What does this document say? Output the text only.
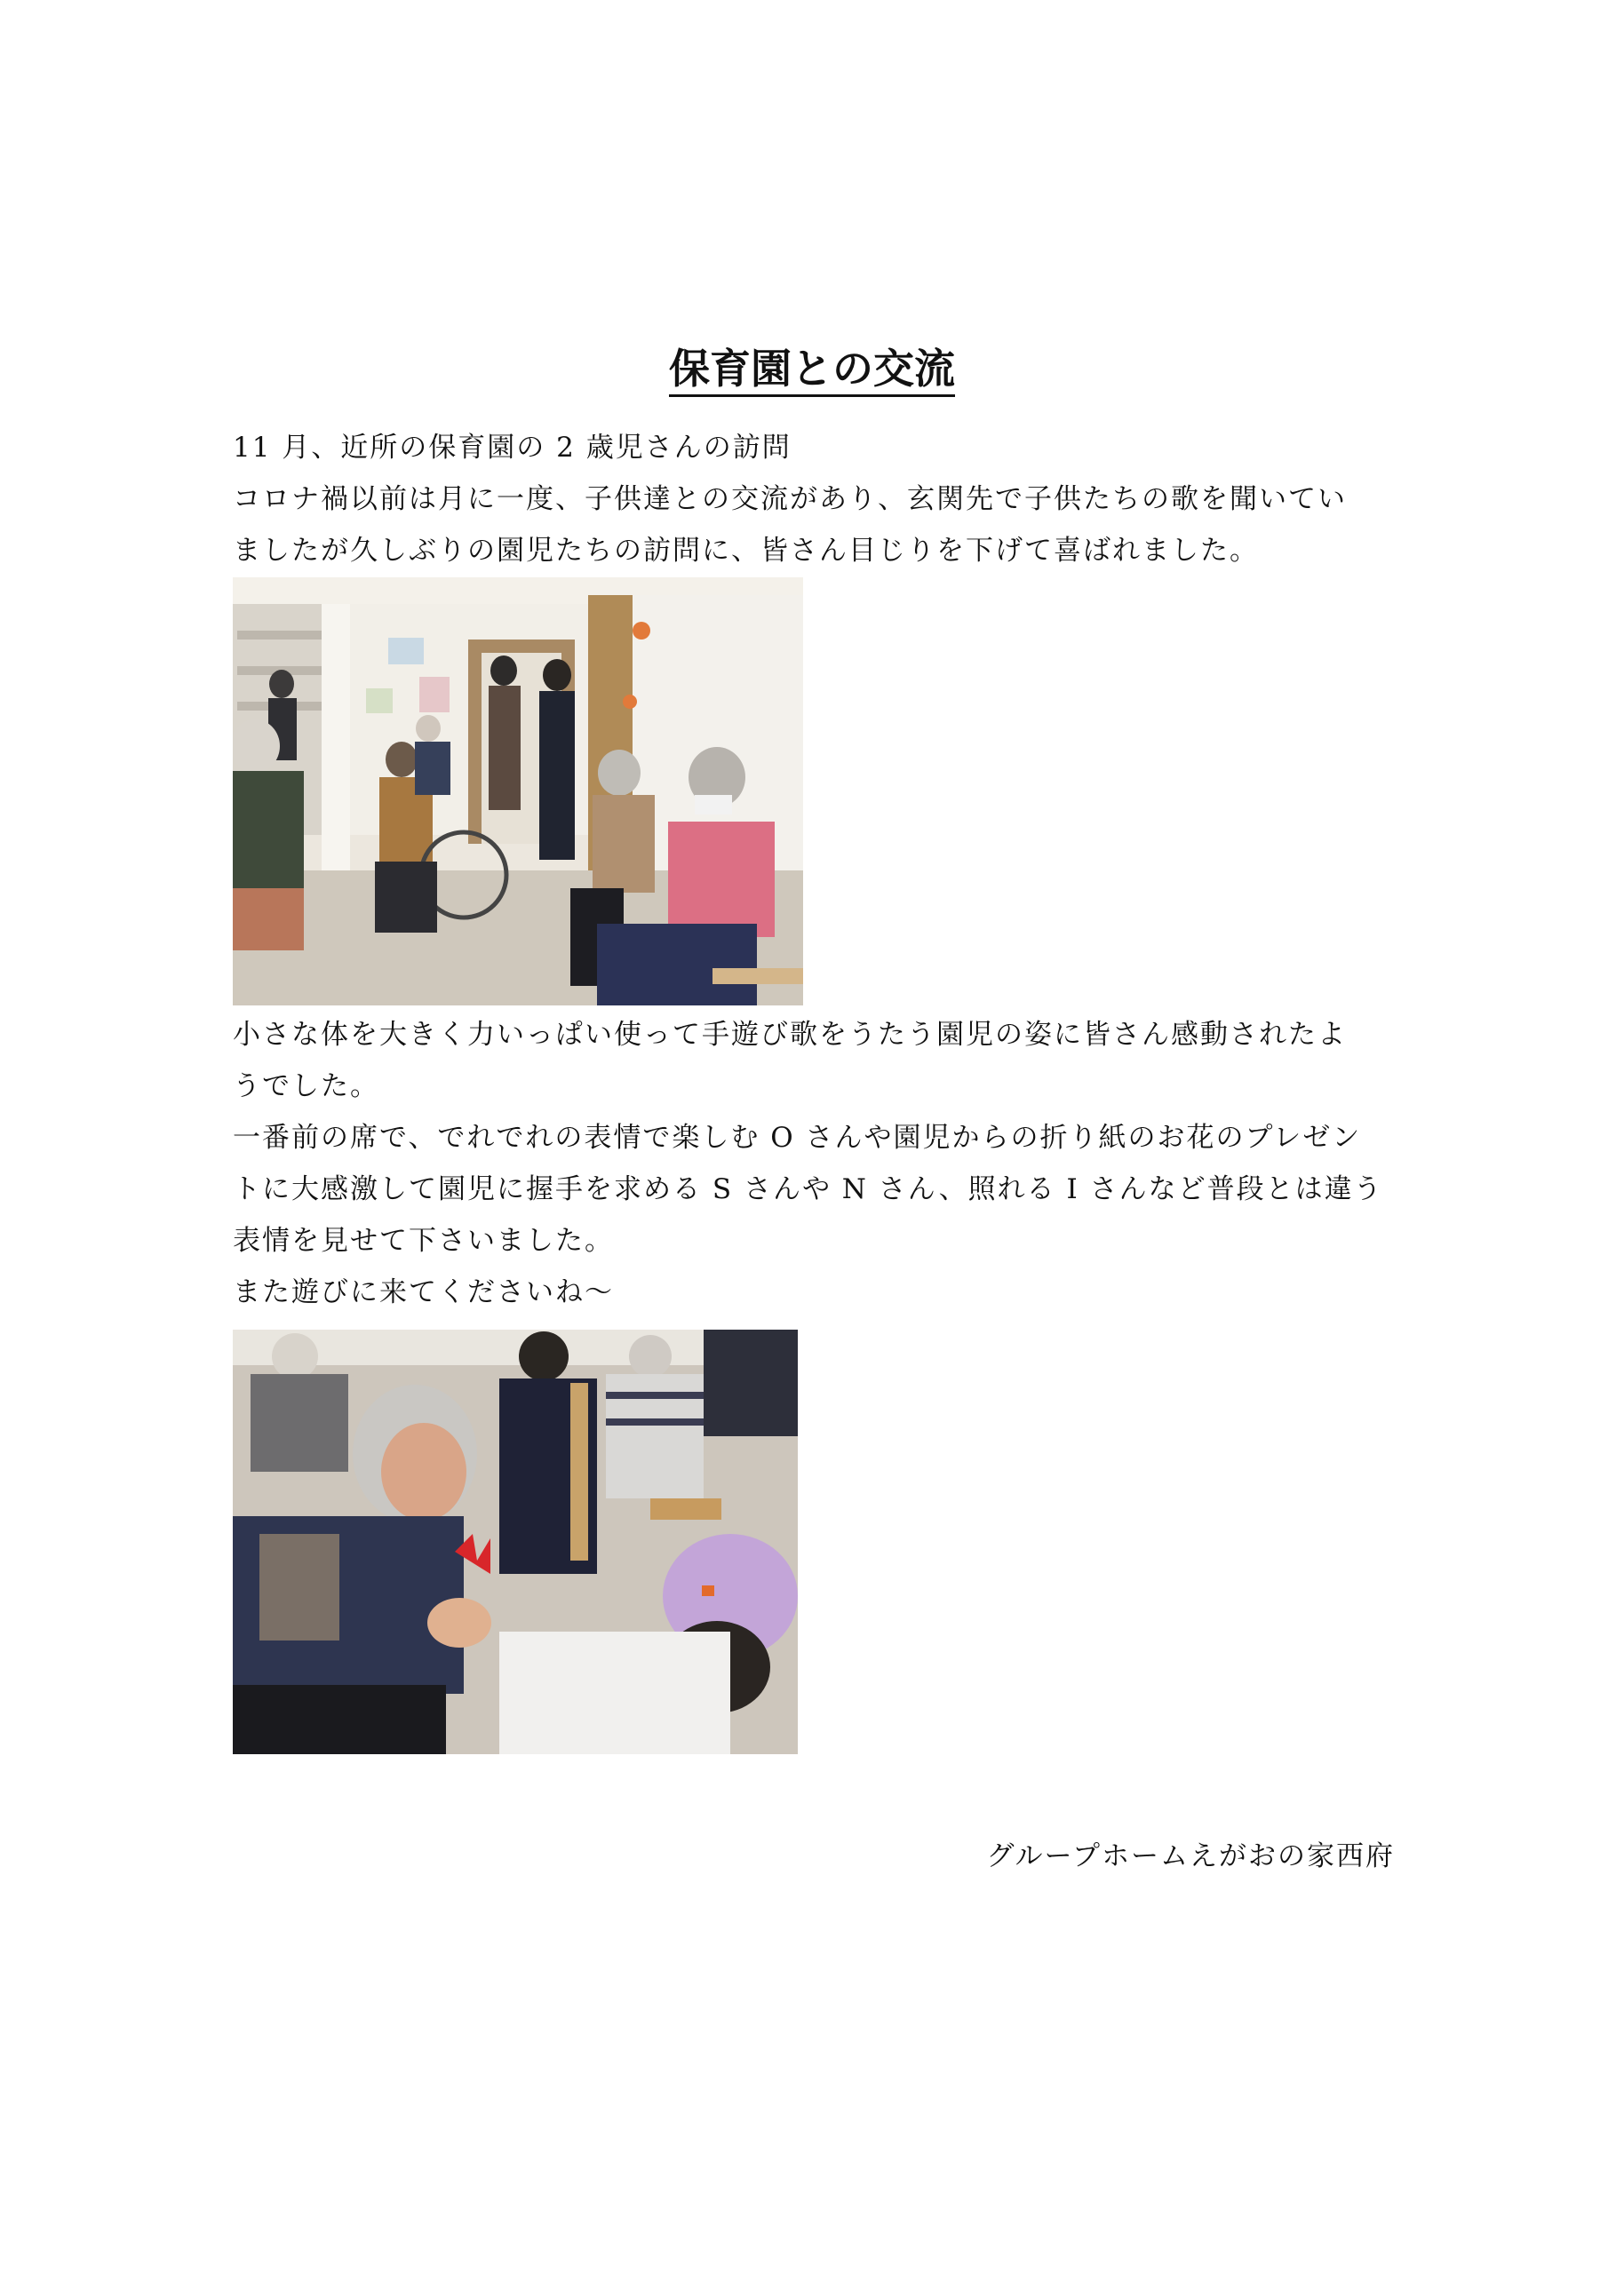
保育園との交流

11 月、近所の保育園の 2 歳児さんの訪問

コロナ禍以前は月に一度、子供達との交流があり、玄関先で子供たちの歌を聞いてい

ましたが久しぶりの園児たちの訪問に、皆さん目じりを下げて喜ばれました。

小さな体を大きく力いっぱい使って手遊び歌をうたう園児の姿に皆さん感動されたよ

うでした。

一番前の席で、でれでれの表情で楽しむ O さんや園児からの折り紙のお花のプレゼン

トに大感激して園児に握手を求める S さんや N さん、照れる I さんなど普段とは違う

表情を見せて下さいました。

また遊びに来てくださいね～

グループホームえがおの家西府
